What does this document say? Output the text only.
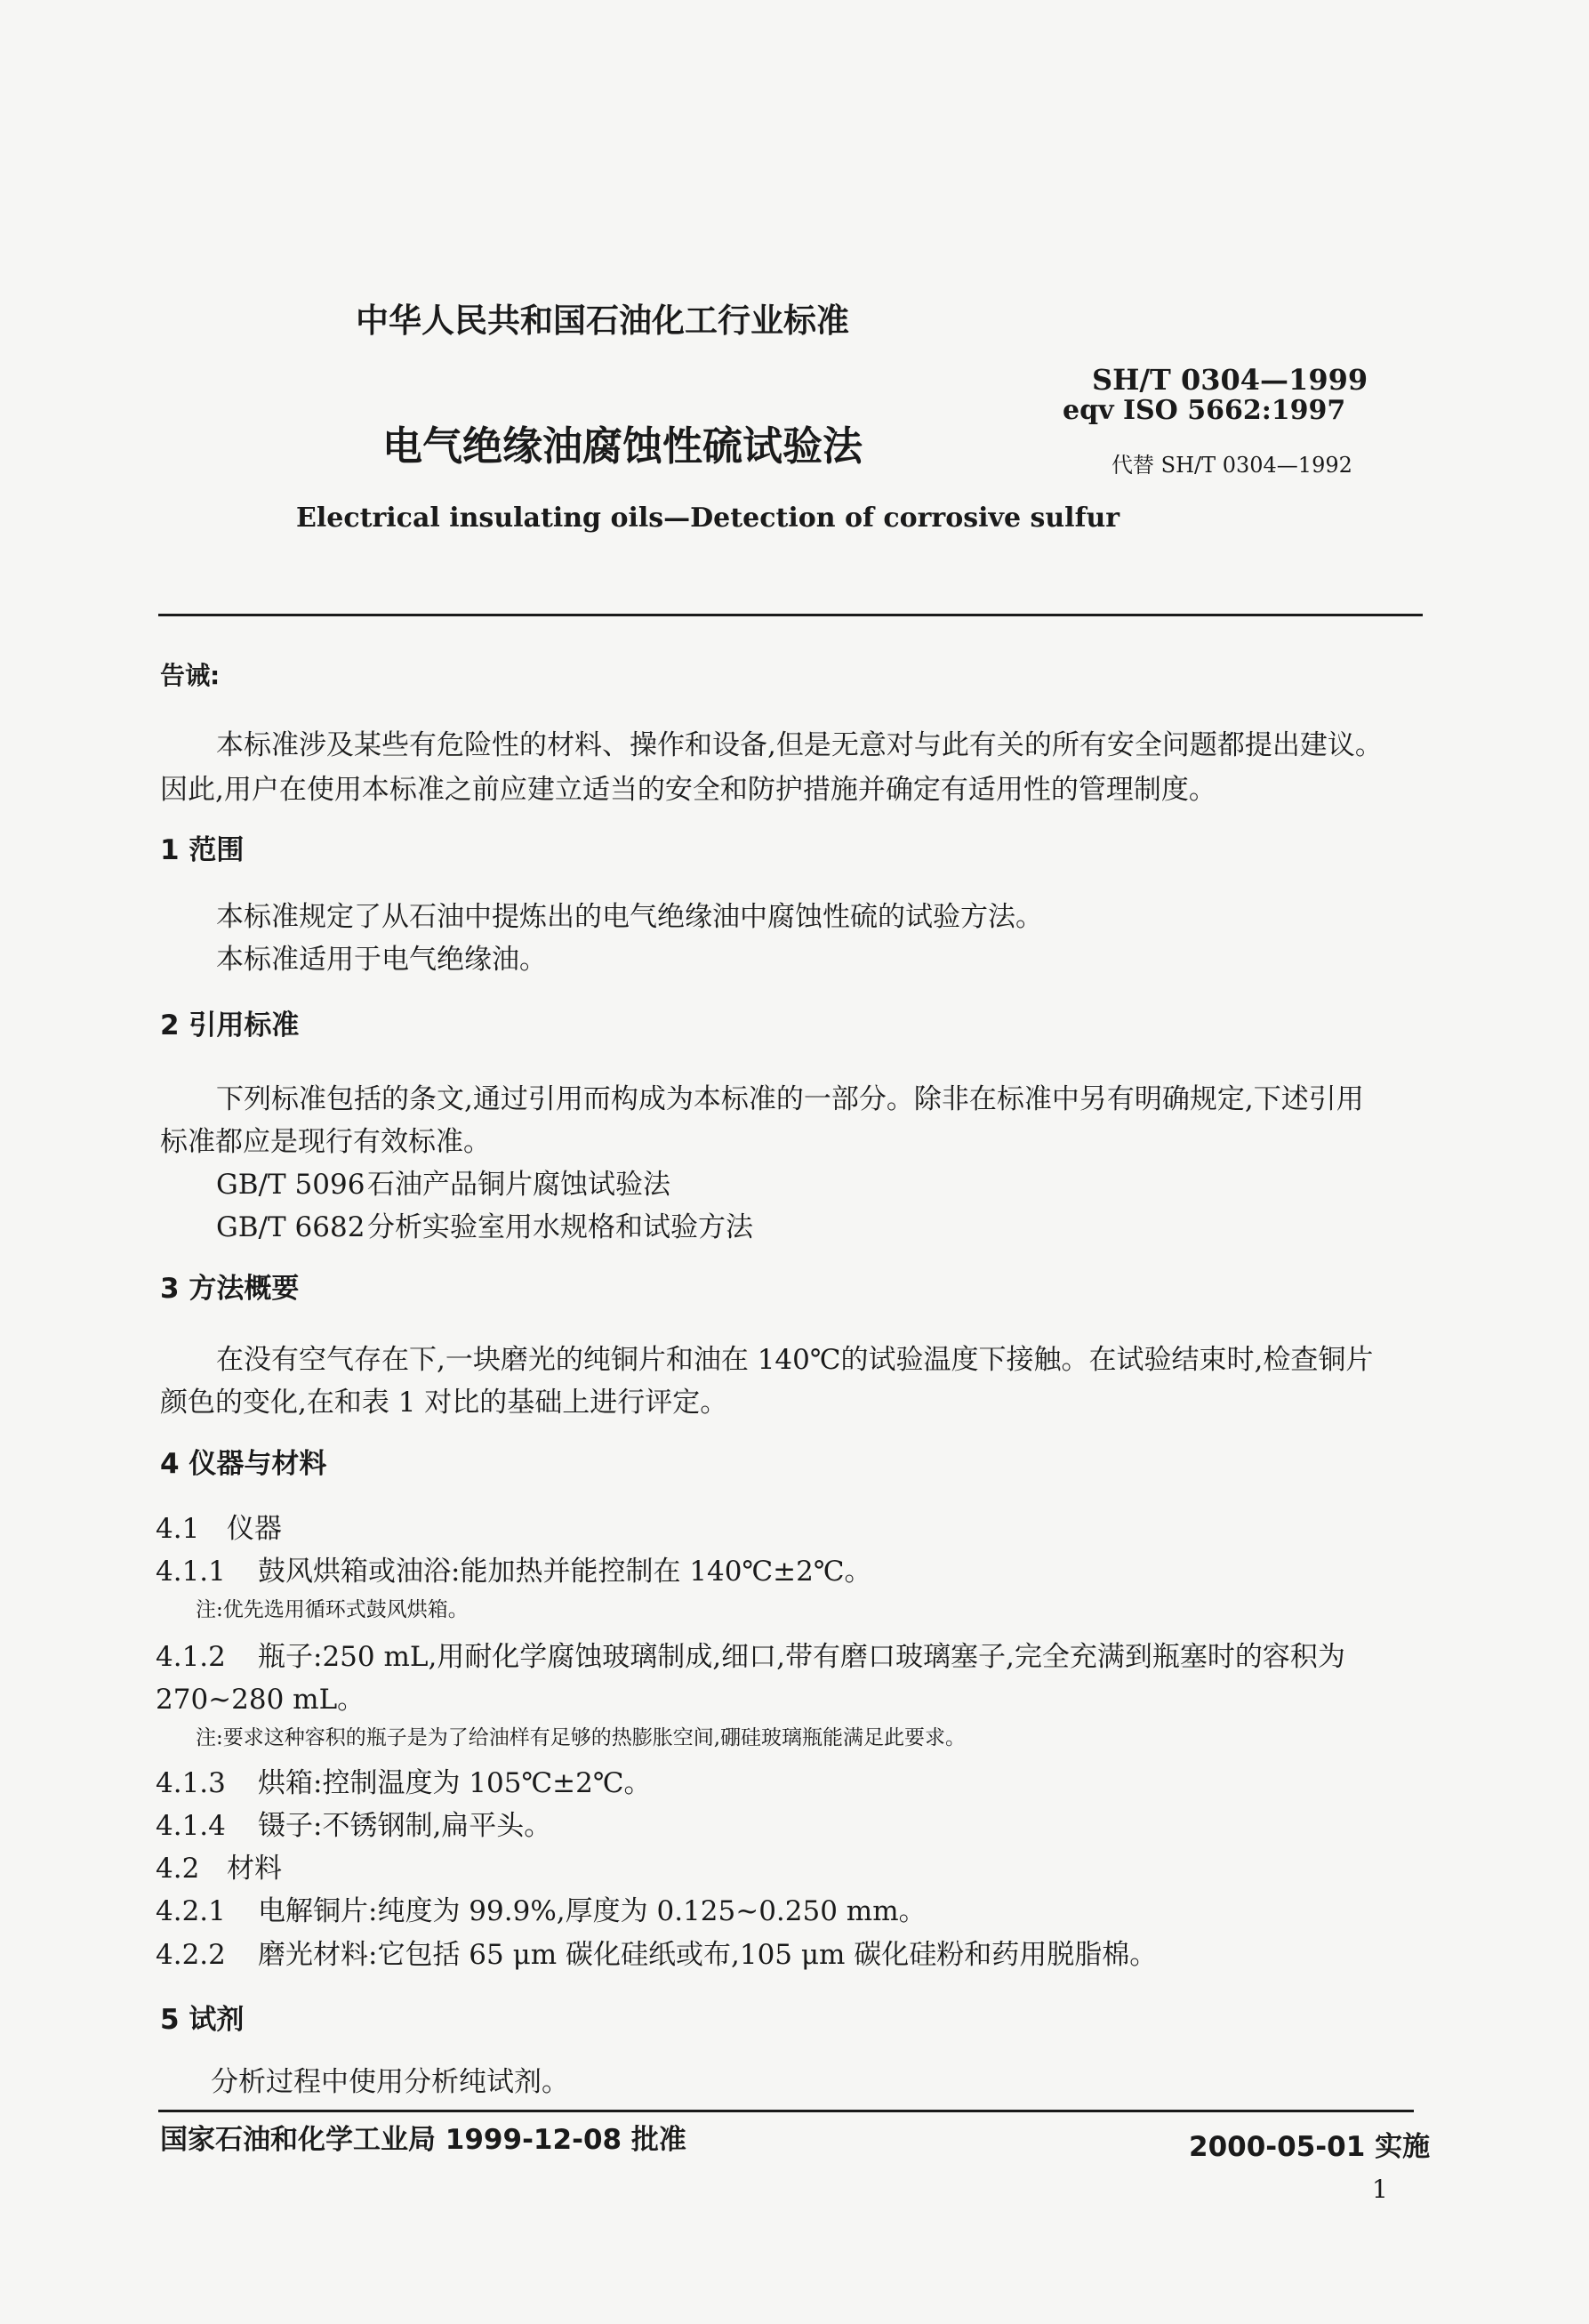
中华人民共和国石油化工行业标准
SH/T 0304—1999
eqv ISO 5662:1997
电气绝缘油腐蚀性硫试验法	代替 SH/T 0304—1992
Electrical insulating oils—Detection of corrosive sulfur
告诫:
本标准涉及某些有危险性的材料、操作和设备,但是无意对与此有关的所有安全问题都提出建议。
因此,用户在使用本标准之前应建立适当的安全和防护措施并确定有适用性的管理制度。
1 范围
本标准规定了从石油中提炼出的电气绝缘油中腐蚀性硫的试验方法。
本标准适用于电气绝缘油。
2 引用标准
下列标准包括的条文,通过引用而构成为本标准的一部分。除非在标准中另有明确规定,下述引用
标准都应是现行有效标准。
GB/T 5096石油产品铜片腐蚀试验法
GB/T 6682分析实验室用水规格和试验方法
3 方法概要
在没有空气存在下,一块磨光的纯铜片和油在 140℃的试验温度下接触。在试验结束时,检查铜片
颜色的变化,在和表 1 对比的基础上进行评定。
4 仪器与材料
4.1 仪器
4.1.1 鼓风烘箱或油浴:能加热并能控制在 140℃±2℃。
注:优先选用循环式鼓风烘箱。
4.1.2 瓶子:250 mL,用耐化学腐蚀玻璃制成,细口,带有磨口玻璃塞子,完全充满到瓶塞时的容积为
270~280 mL。
注:要求这种容积的瓶子是为了给油样有足够的热膨胀空间,硼硅玻璃瓶能满足此要求。
4.1.3 烘箱:控制温度为 105℃±2℃。
4.1.4 镊子:不锈钢制,扁平头。
4.2 材料
4.2.1 电解铜片:纯度为 99.9%,厚度为 0.125~0.250 mm。
4.2.2 磨光材料:它包括 65 μm 碳化硅纸或布,105 μm 碳化硅粉和药用脱脂棉。
5 试剂
分析过程中使用分析纯试剂。
国家石油和化学工业局 1999-12-08 批准	2000-05-01 实施
1
